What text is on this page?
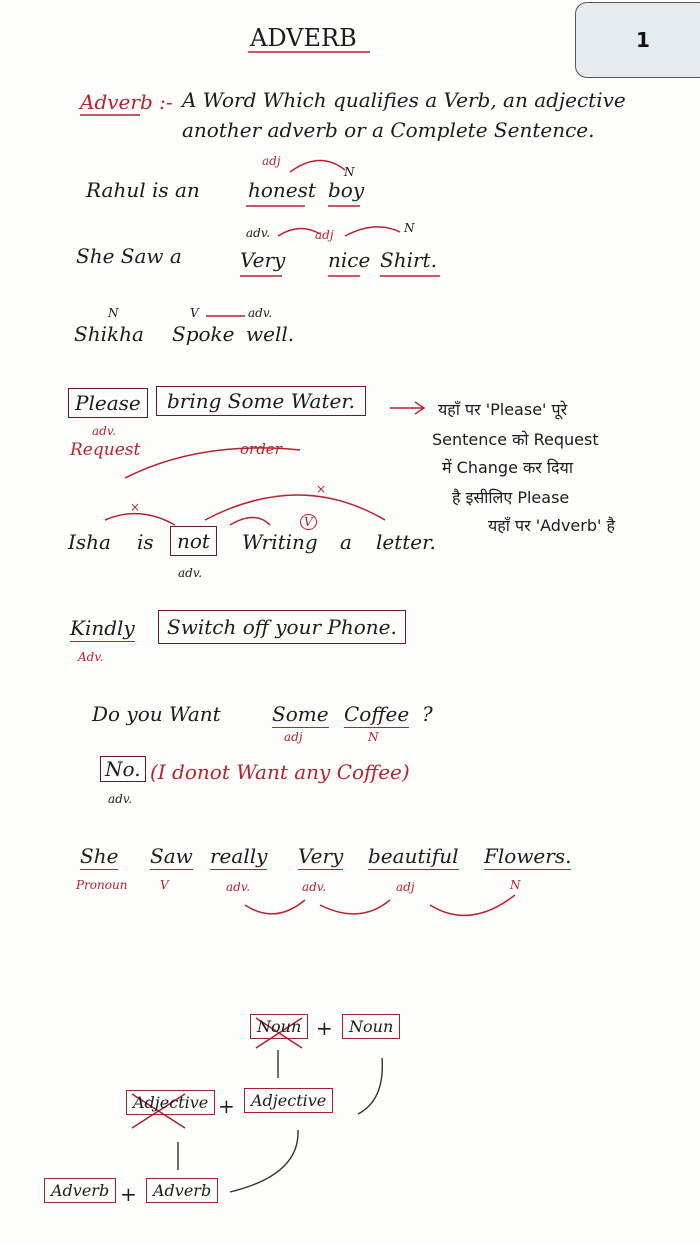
1
ADVERB
Adverb :- A Word Which qualifies a Verb, an adjective
another adverb or a Complete Sentence.
Rahul is an
adj
N
honest boy
She Saw a
adv.	adj	N
Very nice Shirt.
N	V	adv.
Shikha Spoke well.
Please	bring Some Water.
adv.
Request	order
यहाँ पर 'Please' पूरे
Sentence को Request
में Change कर दिया
है इसीलिए Please
यहाँ पर 'Adverb' है
×
×
V
Isha is	not	Writing a letter.
adv.
Kindly	Switch off your Phone.
Adv.
Do you Want	Some Coffee ?
adj	N
No. (I donot Want any Coffee)
adv.
She Saw really Very beautiful Flowers.
Pronoun	V	adv.	adv.	adj	N
Noun +	Noun
Adjective +	Adjective
Adverb +	Adverb
